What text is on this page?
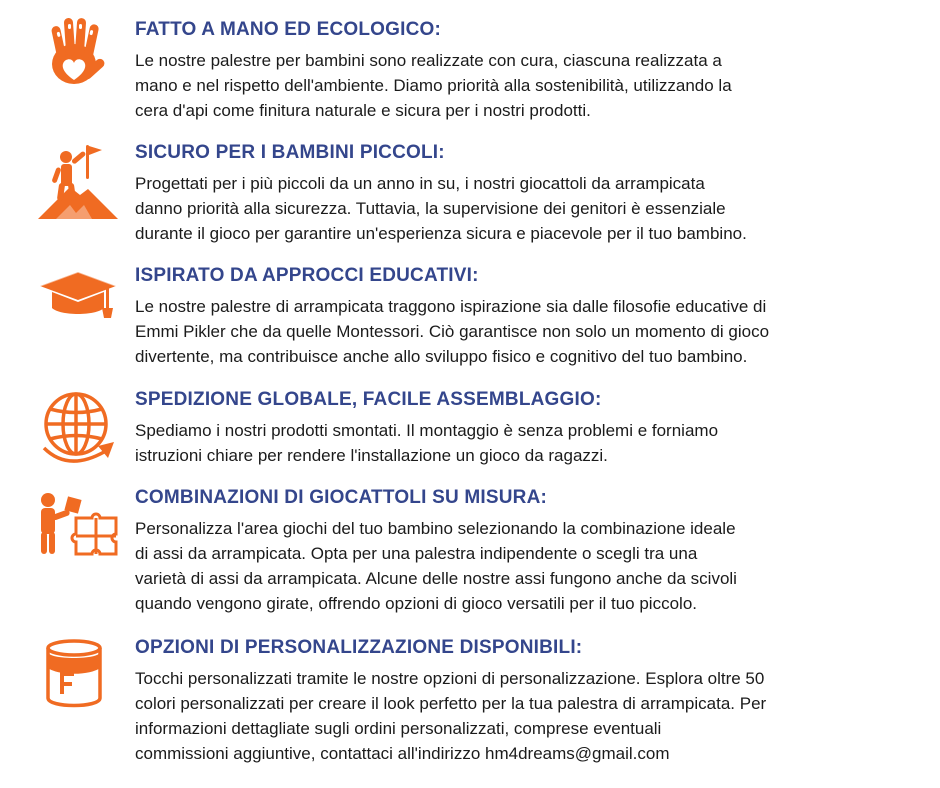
FATTO A MANO ED ECOLOGICO:

Le nostre palestre per bambini sono realizzate con cura, ciascuna realizzata a
mano e nel rispetto dell'ambiente. Diamo priorità alla sostenibilità, utilizzando la
cera d'api come finitura naturale e sicura per i nostri prodotti.

SICURO PER I BAMBINI PICCOLI:

Progettati per i più piccoli da un anno in su, i nostri giocattoli da arrampicata
danno priorità alla sicurezza. Tuttavia, la supervisione dei genitori è essenziale
durante il gioco per garantire un'esperienza sicura e piacevole per il tuo bambino.

ISPIRATO DA APPROCCI EDUCATIVI:

Le nostre palestre di arrampicata traggono ispirazione sia dalle filosofie educative di
Emmi Pikler che da quelle Montessori. Ciò garantisce non solo un momento di gioco
divertente, ma contribuisce anche allo sviluppo fisico e cognitivo del tuo bambino.

SPEDIZIONE GLOBALE, FACILE ASSEMBLAGGIO:

Spediamo i nostri prodotti smontati. Il montaggio è senza problemi e forniamo
istruzioni chiare per rendere l'installazione un gioco da ragazzi.

COMBINAZIONI DI GIOCATTOLI SU MISURA:

Personalizza l'area giochi del tuo bambino selezionando la combinazione ideale
di assi da arrampicata. Opta per una palestra indipendente o scegli tra una
varietà di assi da arrampicata. Alcune delle nostre assi fungono anche da scivoli
quando vengono girate, offrendo opzioni di gioco versatili per il tuo piccolo.

OPZIONI DI PERSONALIZZAZIONE DISPONIBILI:

Tocchi personalizzati tramite le nostre opzioni di personalizzazione. Esplora oltre 50
colori personalizzati per creare il look perfetto per la tua palestra di arrampicata. Per
informazioni dettagliate sugli ordini personalizzati, comprese eventuali
commissioni aggiuntive, contattaci all'indirizzo hm4dreams@gmail.com
